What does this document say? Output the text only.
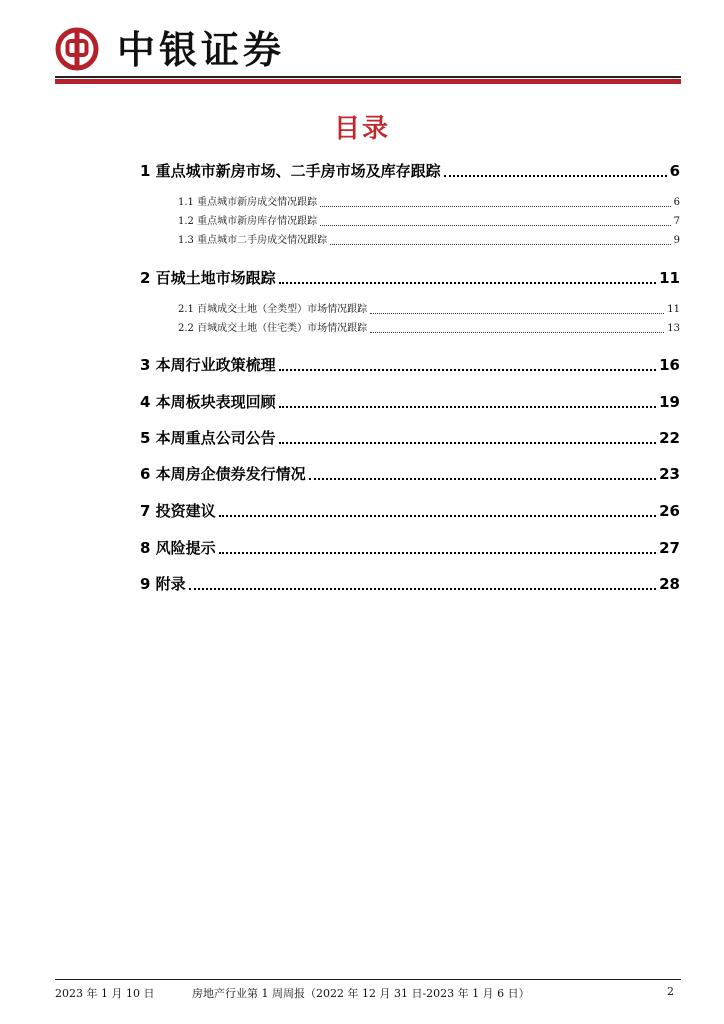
中银证券
目录
1 重点城市新房市场、二手房市场及库存跟踪	6
1.1 重点城市新房成交情况跟踪	6
1.2 重点城市新房库存情况跟踪	7
1.3 重点城市二手房成交情况跟踪	9
2 百城土地市场跟踪	11
2.1 百城成交土地（全类型）市场情况跟踪	11
2.2 百城成交土地（住宅类）市场情况跟踪	13
3 本周行业政策梳理	16
4 本周板块表现回顾	19
5 本周重点公司公告	22
6 本周房企债券发行情况	23
7 投资建议	26
8 风险提示	27
9 附录	28
2023 年 1 月 10 日	房地产行业第 1 周周报（2022 年 12 月 31 日-2023 年 1 月 6 日）	2
